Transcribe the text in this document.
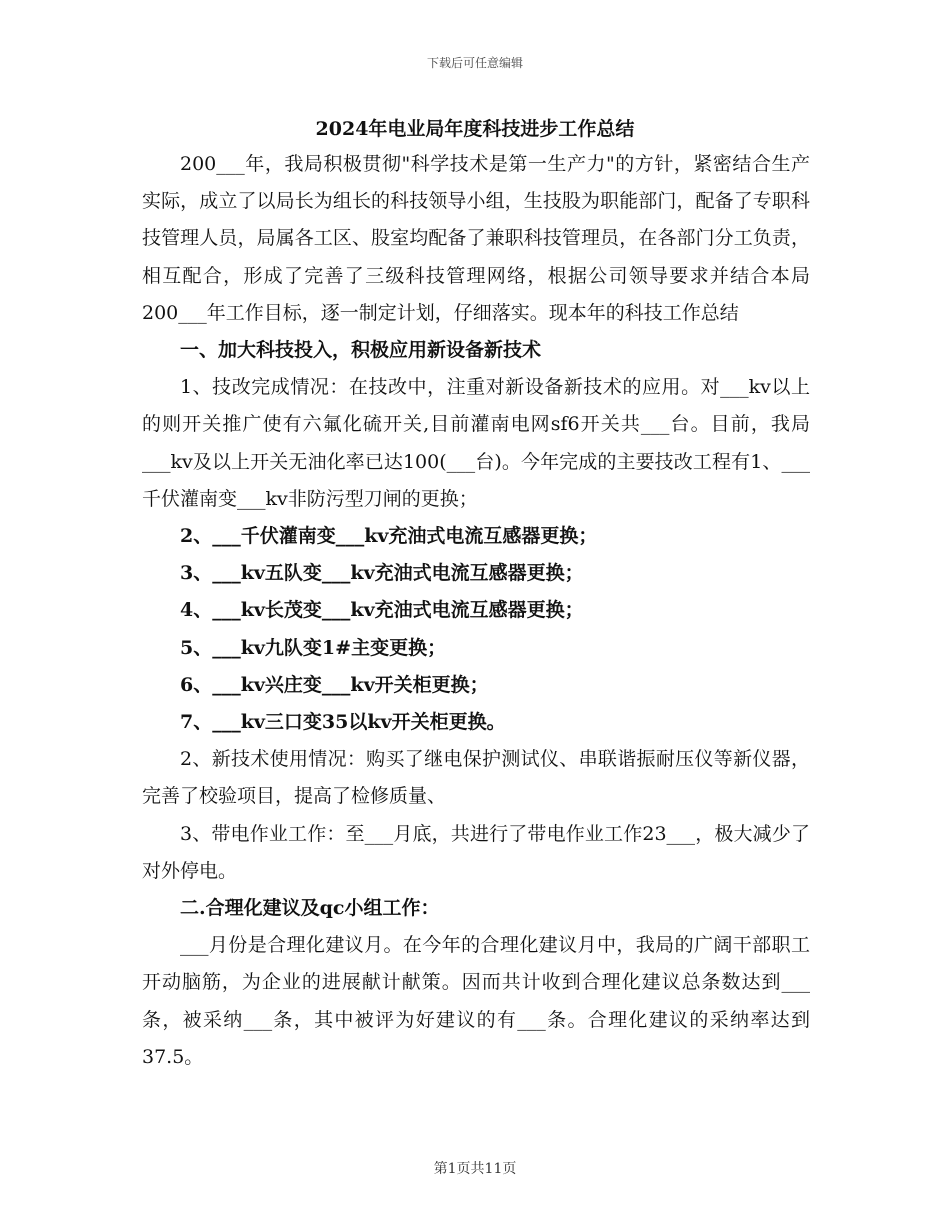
下载后可任意编辑
2024年电业局年度科技进步工作总结

200___年，我局积极贯彻"科学技术是第一生产力"的方针，紧密结合生产实际，成立了以局长为组长的科技领导小组，生技股为职能部门，配备了专职科技管理人员，局属各工区、股室均配备了兼职科技管理员，在各部门分工负责，相互配合，形成了完善了三级科技管理网络，根据公司领导要求并结合本局200___年工作目标，逐一制定计划，仔细落实。现本年的科技工作总结

一、加大科技投入，积极应用新设备新技术

1、技改完成情况：在技改中，注重对新设备新技术的应用。对___kv以上的则开关推广使有六氟化硫开关,目前灌南电网sf6开关共___台。目前，我局___kv及以上开关无油化率已达100(___台)。今年完成的主要技改工程有1、___千伏灌南变___kv非防污型刀闸的更换；

2、___千伏灌南变___kv充油式电流互感器更换；

3、___kv五队变___kv充油式电流互感器更换；

4、___kv长茂变___kv充油式电流互感器更换；

5、___kv九队变1#主变更换；

6、___kv兴庄变___kv开关柜更换；

7、___kv三口变35以kv开关柜更换。

2、新技术使用情况：购买了继电保护测试仪、串联谐振耐压仪等新仪器，完善了校验项目，提高了检修质量、

3、带电作业工作：至___月底，共进行了带电作业工作23___，极大减少了对外停电。

二.合理化建议及qc小组工作：

___月份是合理化建议月。在今年的合理化建议月中，我局的广阔干部职工开动脑筋，为企业的进展献计献策。因而共计收到合理化建议总条数达到___条，被采纳___条，其中被评为好建议的有___条。合理化建议的采纳率达到37.5。

第1页共11页
